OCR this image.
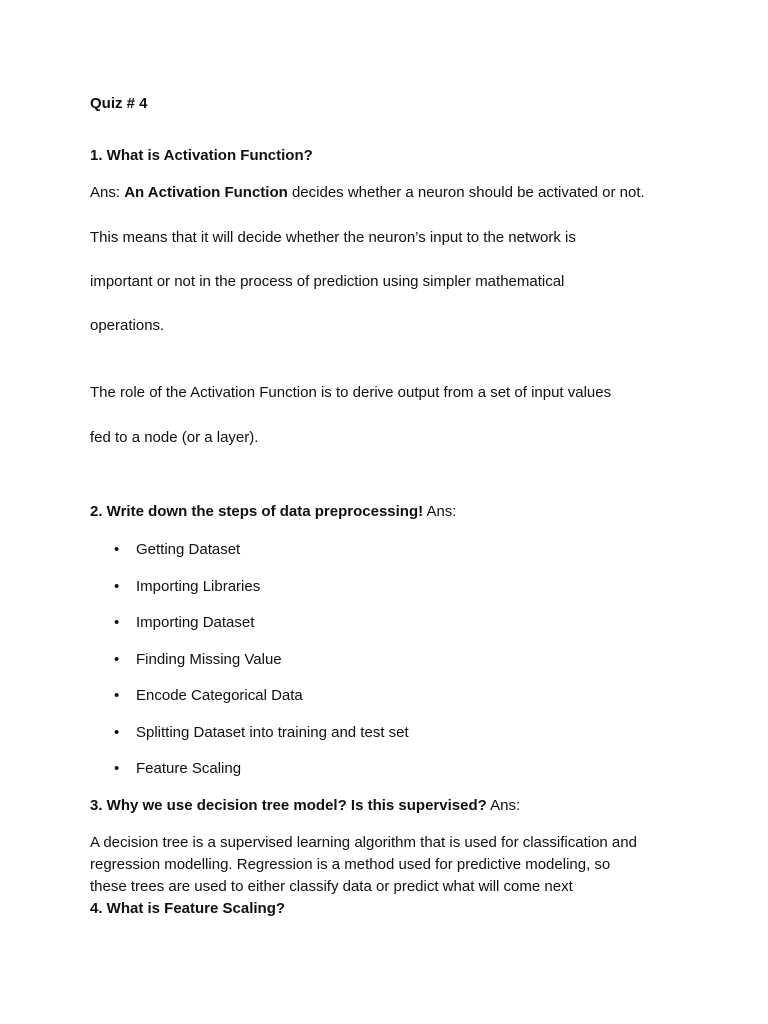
Quiz # 4
1. What is Activation Function?
Ans: An Activation Function decides whether a neuron should be activated or not.
This means that it will decide whether the neuron’s input to the network is
important or not in the process of prediction using simpler mathematical
operations.
The role of the Activation Function is to derive output from a set of input values
fed to a node (or a layer).
2. Write down the steps of data preprocessing! Ans:
• Getting Dataset
• Importing Libraries
• Importing Dataset
• Finding Missing Value
• Encode Categorical Data
• Splitting Dataset into training and test set
• Feature Scaling
3. Why we use decision tree model? Is this supervised? Ans:
A decision tree is a supervised learning algorithm that is used for classification and
regression modelling. Regression is a method used for predictive modeling, so
these trees are used to either classify data or predict what will come next
4. What is Feature Scaling?
